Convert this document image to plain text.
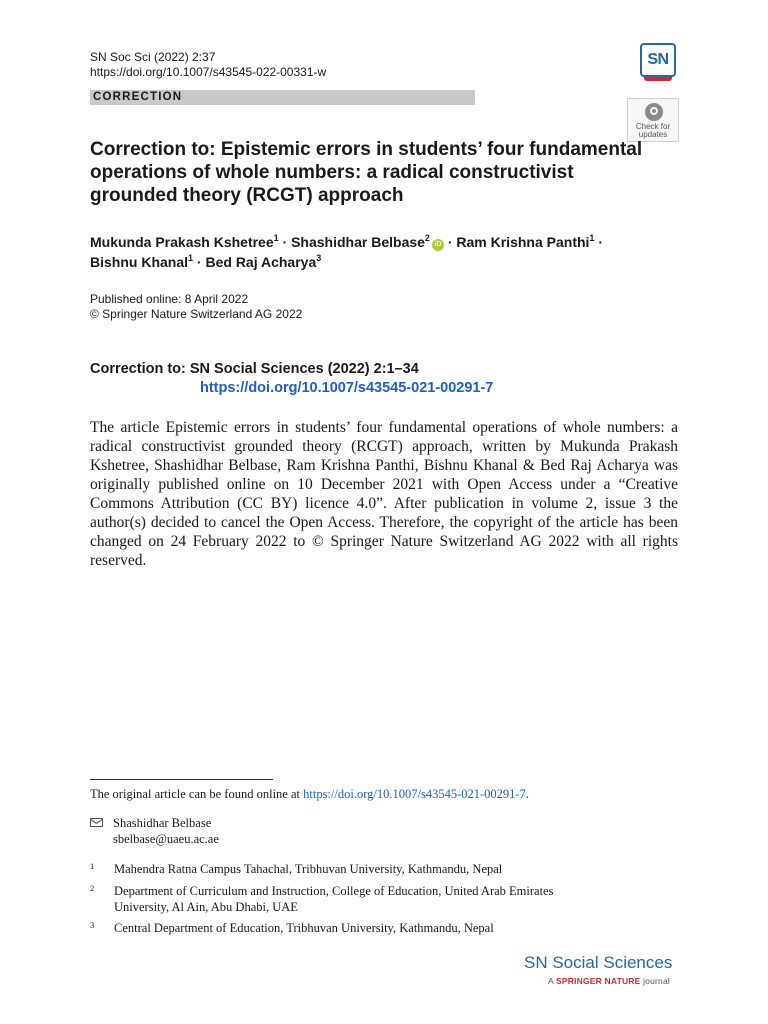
SN Soc Sci (2022) 2:37
https://doi.org/10.1007/s43545-022-00331-w
SN
CORRECTION
Check for updates
Correction to: Epistemic errors in students’ four fundamental operations of whole numbers: a radical constructivist grounded theory (RCGT) approach
Mukunda Prakash Kshetree$^1$ · Shashidhar Belbase$^2$iD · Ram Krishna Panthi$^1$ ·
Bishnu Khanal$^1$ · Bed Raj Acharya$^3$
Published online: 8 April 2022
© Springer Nature Switzerland AG 2022
Correction to: SN Social Sciences (2022) 2:1–34
https://doi.org/10.1007/s43545-021-00291-7
The article Epistemic errors in students’ four fundamental operations of whole numbers: a radical constructivist grounded theory (RCGT) approach, written by Mukunda Prakash Kshetree, Shashidhar Belbase, Ram Krishna Panthi, Bishnu Khanal & Bed Raj Acharya was originally published online on 10 December 2021 with Open Access under a “Creative Commons Attribution (CC BY) licence 4.0”. After publication in volume 2, issue 3 the author(s) decided to cancel the Open Access. Therefore, the copyright of the article has been changed on 24 February 2022 to © Springer Nature Switzerland AG 2022 with all rights reserved.
The original article can be found online at https://doi.org/10.1007/s43545-021-00291-7.
Shashidhar Belbase
sbelbase@uaeu.ac.ae
1 Mahendra Ratna Campus Tahachal, Tribhuvan University, Kathmandu, Nepal
2 Department of Curriculum and Instruction, College of Education, United Arab Emirates
University, Al Ain, Abu Dhabi, UAE
3 Central Department of Education, Tribhuvan University, Kathmandu, Nepal
SN Social Sciences
A SPRINGER NATURE journal
